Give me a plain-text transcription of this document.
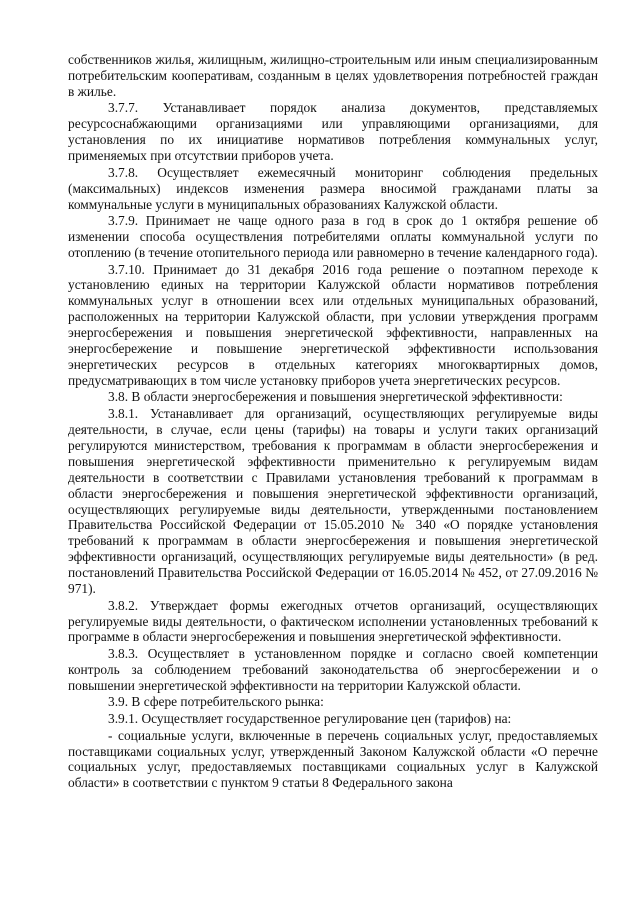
собственников жилья, жилищным, жилищно-строительным или иным специализированным потребительским кооперативам, созданным в целях удовлетворения потребностей граждан в жилье.

3.7.7. Устанавливает порядок анализа документов, представляемых ресурсоснабжающими организациями или управляющими организациями, для установления по их инициативе нормативов потребления коммунальных услуг, применяемых при отсутствии приборов учета.

3.7.8. Осуществляет ежемесячный мониторинг соблюдения предельных (максимальных) индексов изменения размера вносимой гражданами платы за коммунальные услуги в муниципальных образованиях Калужской области.

3.7.9. Принимает не чаще одного раза в год в срок до 1 октября решение об изменении способа осуществления потребителями оплаты коммунальной услуги по отоплению (в течение отопительного периода или равномерно в течение календарного года).

3.7.10. Принимает до 31 декабря 2016 года решение о поэтапном переходе к установлению единых на территории Калужской области нормативов потребления коммунальных услуг в отношении всех или отдельных муниципальных образований, расположенных на территории Калужской области, при условии утверждения программ энергосбережения и повышения энергетической эффективности, направленных на энергосбережение и повышение энергетической эффективности использования энергетических ресурсов в отдельных категориях многоквартирных домов, предусматривающих в том числе установку приборов учета энергетических ресурсов.

3.8. В области энергосбережения и повышения энергетической эффективности:

3.8.1. Устанавливает для организаций, осуществляющих регулируемые виды деятельности, в случае, если цены (тарифы) на товары и услуги таких организаций регулируются министерством, требования к программам в области энергосбережения и повышения энергетической эффективности применительно к регулируемым видам деятельности в соответствии с Правилами установления требований к программам в области энергосбережения и повышения энергетической эффективности организаций, осуществляющих регулируемые виды деятельности, утвержденными постановлением Правительства Российской Федерации от 15.05.2010 № 340 «О порядке установления требований к программам в области энергосбережения и повышения энергетической эффективности организаций, осуществляющих регулируемые виды деятельности» (в ред. постановлений Правительства Российской Федерации от 16.05.2014 № 452, от 27.09.2016 № 971).

3.8.2. Утверждает формы ежегодных отчетов организаций, осуществляющих регулируемые виды деятельности, о фактическом исполнении установленных требований к программе в области энергосбережения и повышения энергетической эффективности.

3.8.3. Осуществляет в установленном порядке и согласно своей компетенции контроль за соблюдением требований законодательства об энергосбережении и о повышении энергетической эффективности на территории Калужской области.

3.9. В сфере потребительского рынка:

3.9.1. Осуществляет государственное регулирование цен (тарифов) на:

- социальные услуги, включенные в перечень социальных услуг, предоставляемых поставщиками социальных услуг, утвержденный Законом Калужской области «О перечне социальных услуг, предоставляемых поставщиками социальных услуг в Калужской области» в соответствии с пунктом 9 статьи 8 Федерального закона
